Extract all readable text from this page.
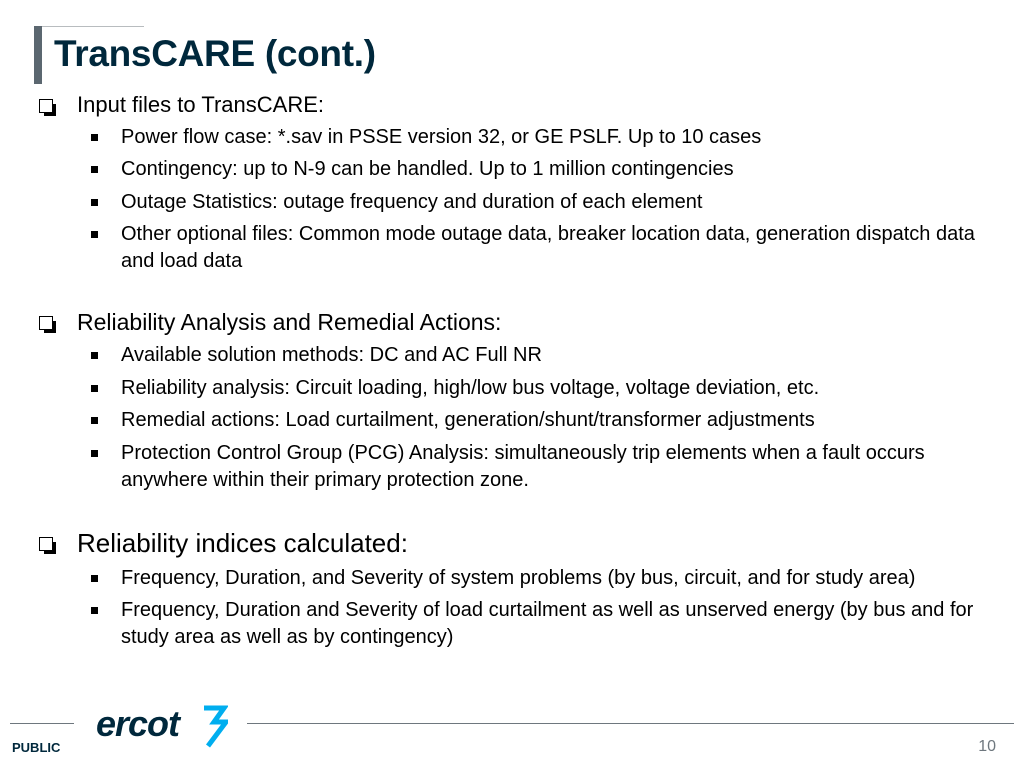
TransCARE (cont.)
Input files to TransCARE:
Power flow case: *.sav in PSSE version 32, or GE PSLF. Up to 10 cases
Contingency: up to N-9 can be handled. Up to 1 million contingencies
Outage Statistics: outage frequency and duration of each element
Other optional files: Common mode outage data, breaker location data, generation dispatch data and load data
Reliability Analysis and Remedial Actions:
Available solution methods: DC and AC Full NR
Reliability analysis: Circuit loading, high/low bus voltage, voltage deviation, etc.
Remedial actions: Load curtailment, generation/shunt/transformer adjustments
Protection Control Group (PCG) Analysis: simultaneously trip elements when a fault occurs anywhere within their primary protection zone.
Reliability indices calculated:
Frequency, Duration, and Severity of system problems (by bus, circuit, and for study area)
Frequency, Duration and Severity of load curtailment as well as unserved energy (by bus and for study area as well as by contingency)
ercot
PUBLIC	10
